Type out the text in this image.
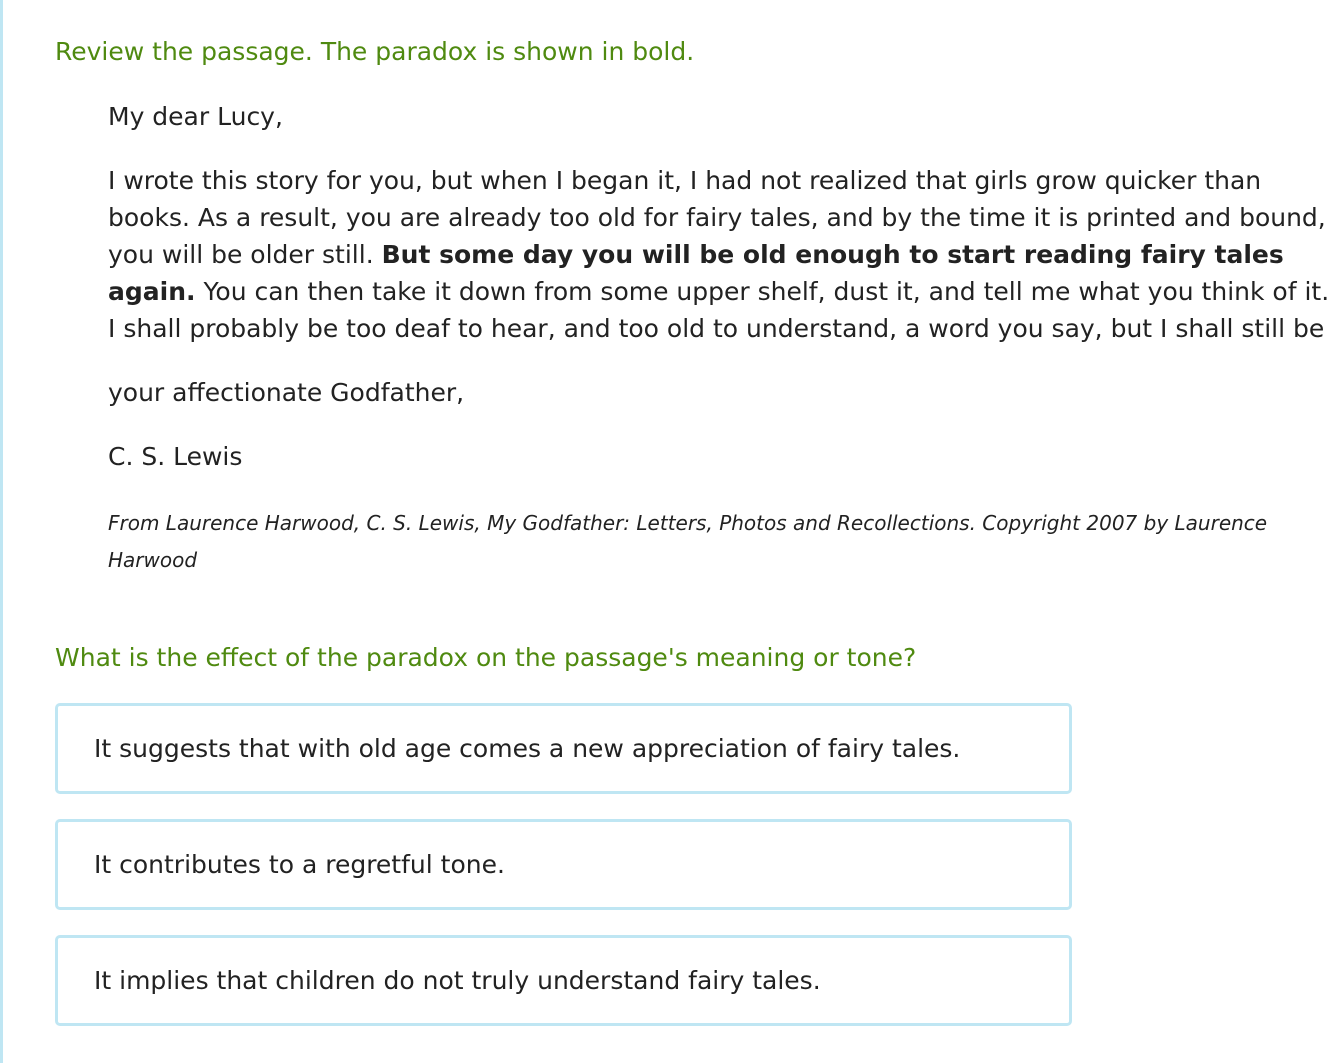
Review the passage. The paradox is shown in bold.

My dear Lucy,

I wrote this story for you, but when I began it, I had not realized that girls grow quicker than books. As a result, you are already too old for fairy tales, and by the time it is printed and bound, you will be older still. But some day you will be old enough to start reading fairy tales again. You can then take it down from some upper shelf, dust it, and tell me what you think of it. I shall probably be too deaf to hear, and too old to understand, a word you say, but I shall still be

your affectionate Godfather,

C. S. Lewis

From Laurence Harwood, C. S. Lewis, My Godfather: Letters, Photos and Recollections. Copyright 2007 by Laurence Harwood

What is the effect of the paradox on the passage's meaning or tone?
It suggests that with old age comes a new appreciation of fairy tales.
It contributes to a regretful tone.
It implies that children do not truly understand fairy tales.
